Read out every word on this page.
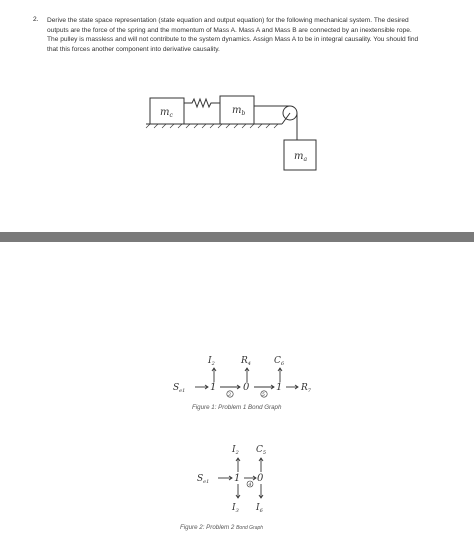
2. Derive the state space representation (state equation and output equation) for the following mechanical system. The desired outputs are the force of the spring and the momentum of Mass A. Mass A and Mass B are connected by an inextensible rope. The pulley is massless and will not contribute to the system dynamics. Assign Mass A to be in integral causality. You should find that this forces another component into derivative causality.
$m_c$	$m_b$
$m_a$
$I_2$	$R_4$	$C_6$
$S_{e1}$ 1	0	1 $R_7$
3	5
Figure 1: Problem 1 Bond Graph
$I_2$ $C_5$
$S_{e1}$ 1 0
$I_3$ $I_6$
4
Figure 2: Problem 2 Bond Graph
